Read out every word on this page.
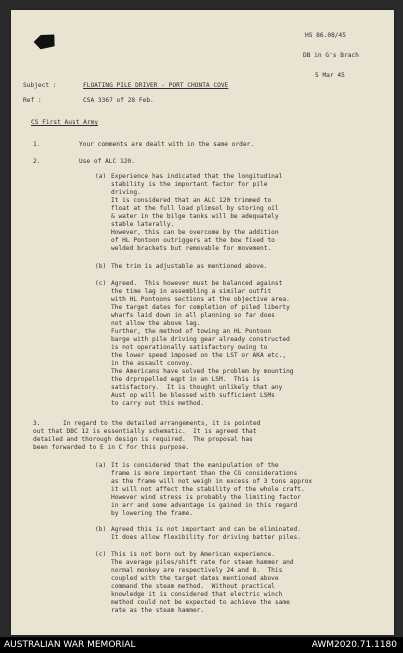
HS 86.08/45
DB in G's Brach
5 Mar 45
Subject :	FLOATING PILE DRIVER - PORT CHONTA COVE
Ref :	CSA 3367 of 28 Feb.
CS First Aust Army
1.	Your comments are dealt with in the same order.
2.	Use of ALC 120.
(a) Experience has indicated that the longitudinal
stability is the important factor for pile
driving.
It is considered that an ALC 120 trimmed to
float at the full load plimsol by storing oil
& water in the bilge tanks will be adequately
stable laterally.
However, this can be overcome by the addition
of HL Pontoon outriggers at the bow fixed to
welded brackets but removable for movement.
(b) The trim is adjustable as mentioned above.
(c) Agreed.  This however must be balanced against
the time lag in assembling a similar outfit
with HL Pontoons sections at the objective area.
The target dates for completion of piled liberty
wharfs laid down in all planning so far does
not allow the above lag.
Further, the method of towing an HL Pontoon
barge with pile driving gear already constructed
is not operationally satisfactory owing to
the lower speed imposed on the LST or AKA etc.,
in the assault convoy.
The Americans have solved the problem by mounting
the drpropelled eqpt in an LSM.  This is
satisfactory.  It is thought unlikely that any
Aust op will be blessed with sufficient LSMs
to carry out this method.
3.	In regard to the detailed arrangements, it is pointed
out that DBC 12 is essentially schematic.  It is agreed that
detailed and thorough design is required.  The proposal has
been forwarded to E in C for this purpose.
(a) It is considered that the manipulation of the
frame is more important than the CG considerations
as the frame will not weigh in excess of 3 tons approx
it will not affect the stability of the whole craft.
However wind stress is probably the limiting factor
in arr and some advantage is gained in this regard
by lowering the frame.
(b) Agreed this is not important and can be eliminated.
It does allow flexibility for driving batter piles.
(c) This is not born out by American experience.
The average piles/shift rate for steam hammer and
normal monkey are respectively 24 and 8.  This
coupled with the target dates mentioned above
command the steam method.  Without practical
knowledge it is considered that electric winch
method could not be expected to achieve the same
rate as the steam hammer.
AUSTRALIAN WAR MEMORIAL	AWM2020.71.1180
